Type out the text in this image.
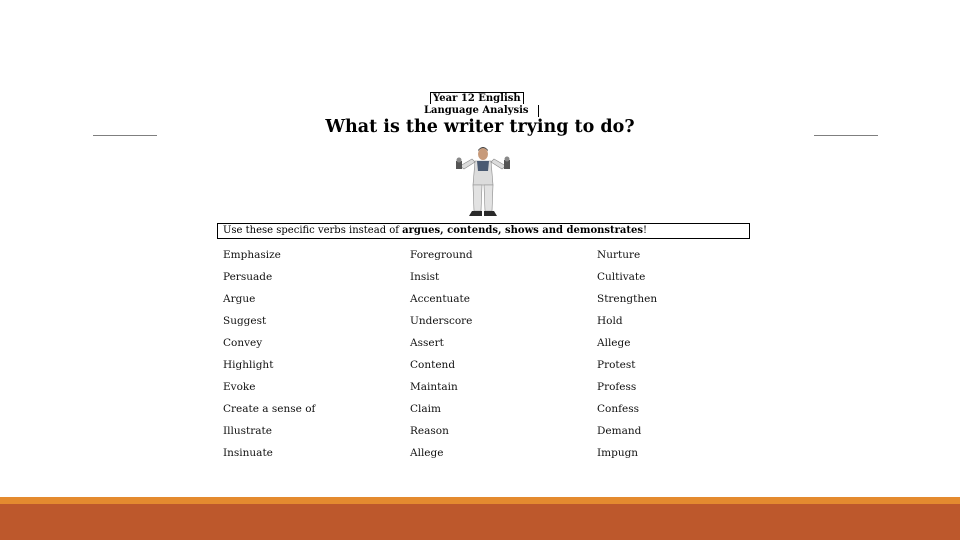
Year 12 English
Language Analysis
What is the writer trying to do?
Use these specific verbs instead of argues, contends, shows and demonstrates!
Emphasize
Persuade
Argue
Suggest
Convey
Highlight
Evoke
Create a sense of
Illustrate
Insinuate
Foreground
Insist
Accentuate
Underscore
Assert
Contend
Maintain
Claim
Reason
Allege
Nurture
Cultivate
Strengthen
Hold
Allege
Protest
Profess
Confess
Demand
Impugn
